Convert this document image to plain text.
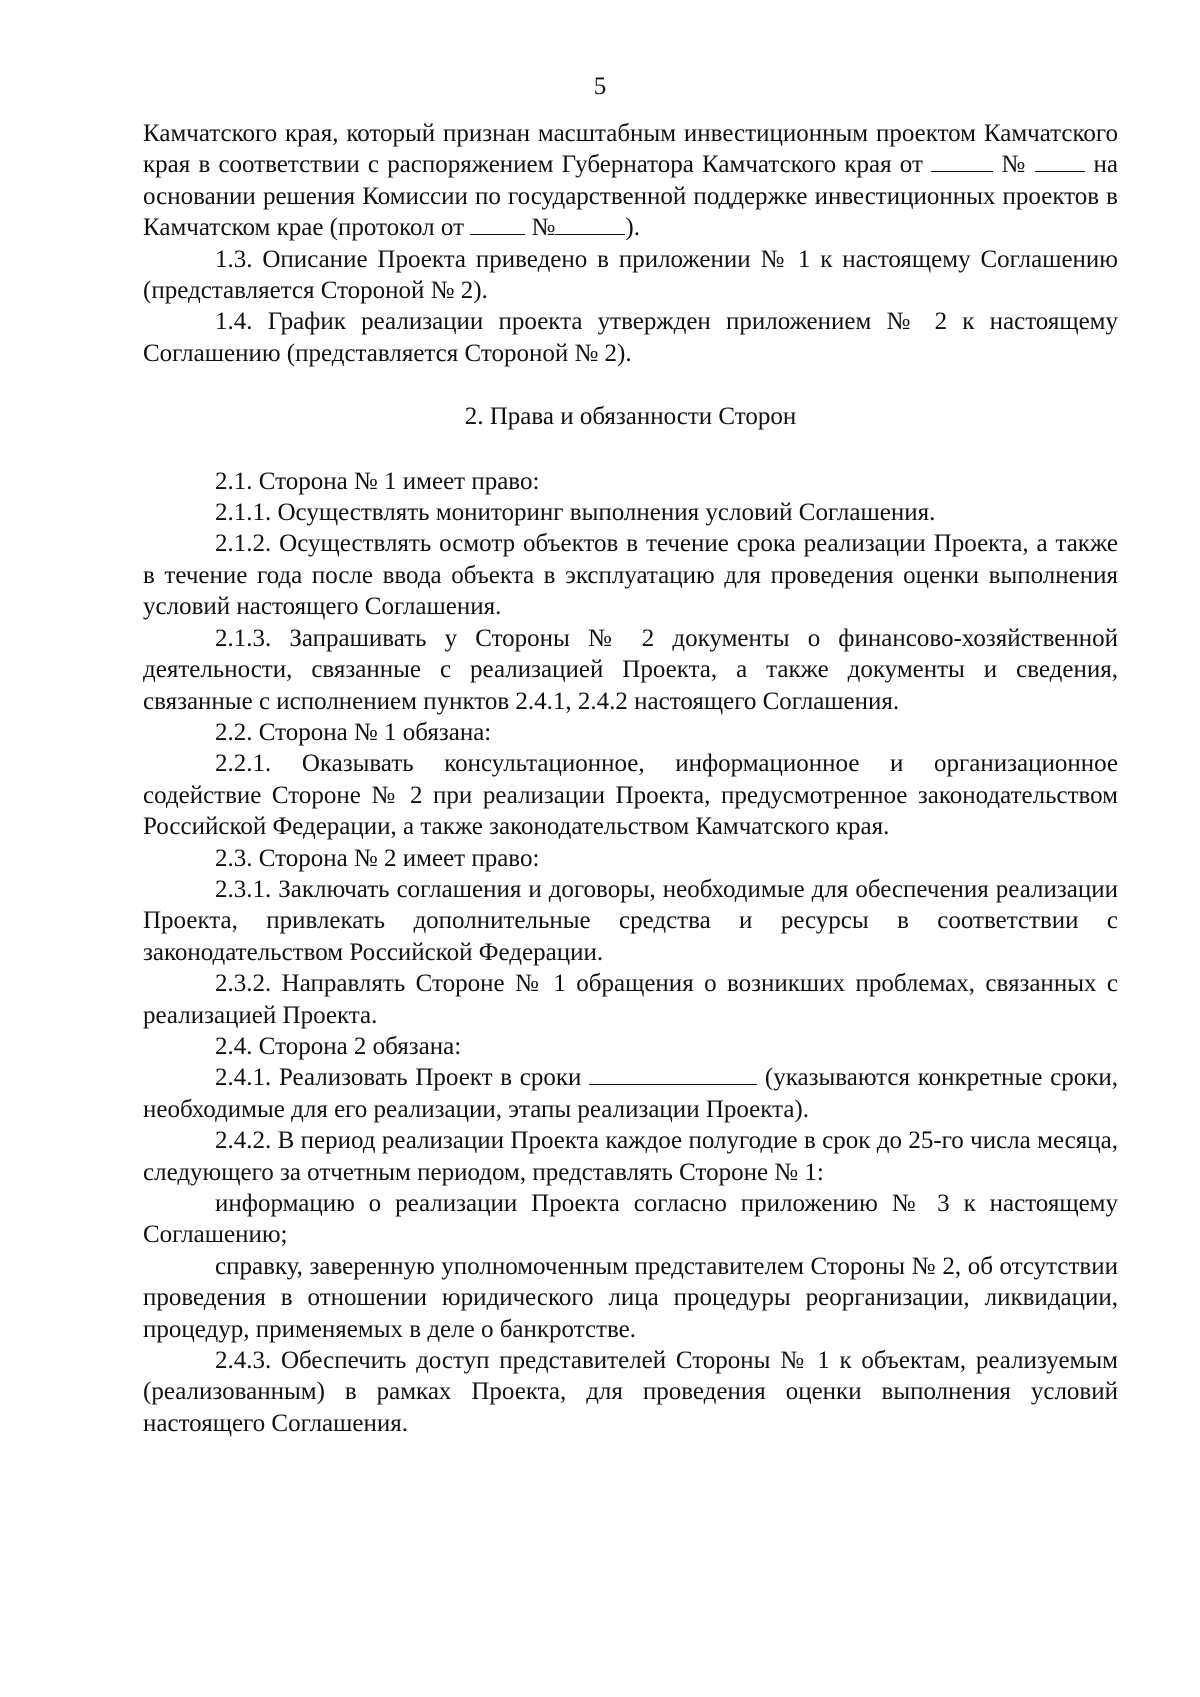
5

Камчатского края, который признан масштабным инвестиционным проектом Камчатского края в соответствии с распоряжением Губернатора Камчатского края от	№	на основании решения Комиссии по государственной поддержке инвестиционных проектов в Камчатском крае (протокол от	№	).

1.3. Описание Проекта приведено в приложении № 1 к настоящему Соглашению (представляется Стороной № 2).

1.4. График реализации проекта утвержден приложением № 2 к настоящему Соглашению (представляется Стороной № 2).

2. Права и обязанности Сторон

2.1. Сторона № 1 имеет право:

2.1.1. Осуществлять мониторинг выполнения условий Соглашения.

2.1.2. Осуществлять осмотр объектов в течение срока реализации Проекта, а также в течение года после ввода объекта в эксплуатацию для проведения оценки выполнения условий настоящего Соглашения.

2.1.3. Запрашивать у Стороны № 2 документы о финансово-хозяйственной деятельности, связанные с реализацией Проекта, а также документы и сведения, связанные с исполнением пунктов 2.4.1, 2.4.2 настоящего Соглашения.

2.2. Сторона № 1 обязана:

2.2.1. Оказывать консультационное, информационное и организационное содействие Стороне № 2 при реализации Проекта, предусмотренное законодательством Российской Федерации, а также законодательством Камчатского края.

2.3. Сторона № 2 имеет право:

2.3.1. Заключать соглашения и договоры, необходимые для обеспечения реализации Проекта, привлекать дополнительные средства и ресурсы в соответствии с законодательством Российской Федерации.

2.3.2. Направлять Стороне № 1 обращения о возникших проблемах, связанных с реализацией Проекта.

2.4. Сторона 2 обязана:

2.4.1. Реализовать Проект в сроки	(указываются конкретные сроки, необходимые для его реализации, этапы реализации Проекта).

2.4.2. В период реализации Проекта каждое полугодие в срок до 25-го числа месяца, следующего за отчетным периодом, представлять Стороне № 1:

информацию о реализации Проекта согласно приложению № 3 к настоящему Соглашению;

справку, заверенную уполномоченным представителем Стороны № 2, об отсутствии проведения в отношении юридического лица процедуры реорганизации, ликвидации, процедур, применяемых в деле о банкротстве.

2.4.3. Обеспечить доступ представителей Стороны № 1 к объектам, реализуемым (реализованным) в рамках Проекта, для проведения оценки выполнения условий настоящего Соглашения.
